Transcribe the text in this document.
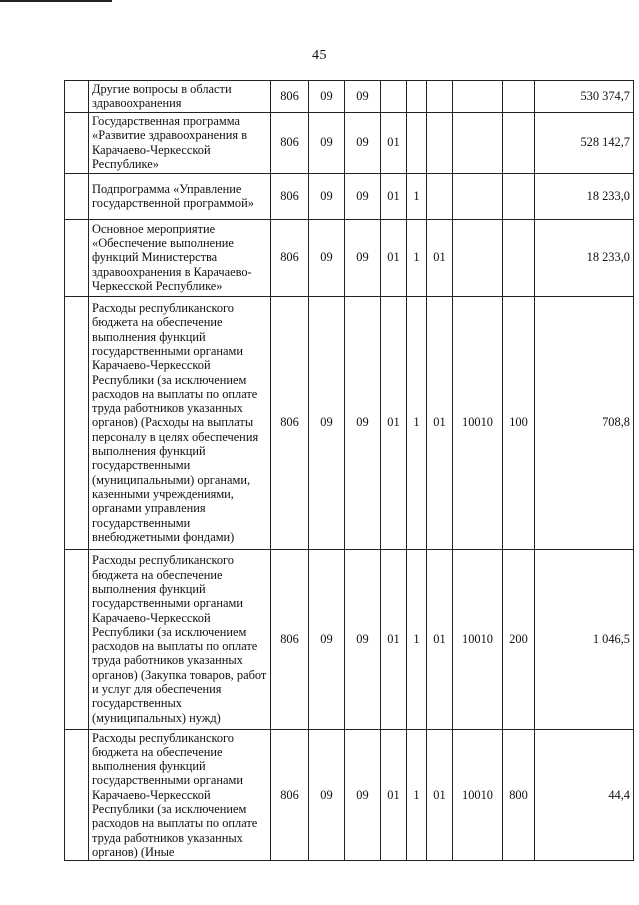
45
	Другие вопросы в области здравоохранения	806	09	09						530 374,7
	Государственная программа «Развитие здравоохранения в Карачаево-Черкесской Республике»	806	09	09	01					528 142,7
	Подпрограмма «Управление государственной программой»	806	09	09	01	1				18 233,0
	Основное мероприятие «Обеспечение выполнение функций Министерства здравоохранения в Карачаево-Черкесской Республике»	806	09	09	01	1	01			18 233,0
	Расходы республиканского бюджета на обеспечение выполнения функций государственными органами Карачаево-Черкесской Республики (за исключением расходов на выплаты по оплате труда работников указанных органов) (Расходы на выплаты персоналу в целях обеспечения выполнения функций государственными (муниципальными) органами, казенными учреждениями, органами управления государственными внебюджетными фондами)	806	09	09	01	1	01	10010	100	708,8
	Расходы республиканского бюджета на обеспечение выполнения функций государственными органами Карачаево-Черкесской Республики (за исключением расходов на выплаты по оплате труда работников указанных органов) (Закупка товаров, работ и услуг для обеспечения государственных (муниципальных) нужд)	806	09	09	01	1	01	10010	200	1 046,5
	Расходы республиканского бюджета на обеспечение выполнения функций государственными органами Карачаево-Черкесской Республики (за исключением расходов на выплаты по оплате труда работников указанных органов) (Иные	806	09	09	01	1	01	10010	800	44,4
